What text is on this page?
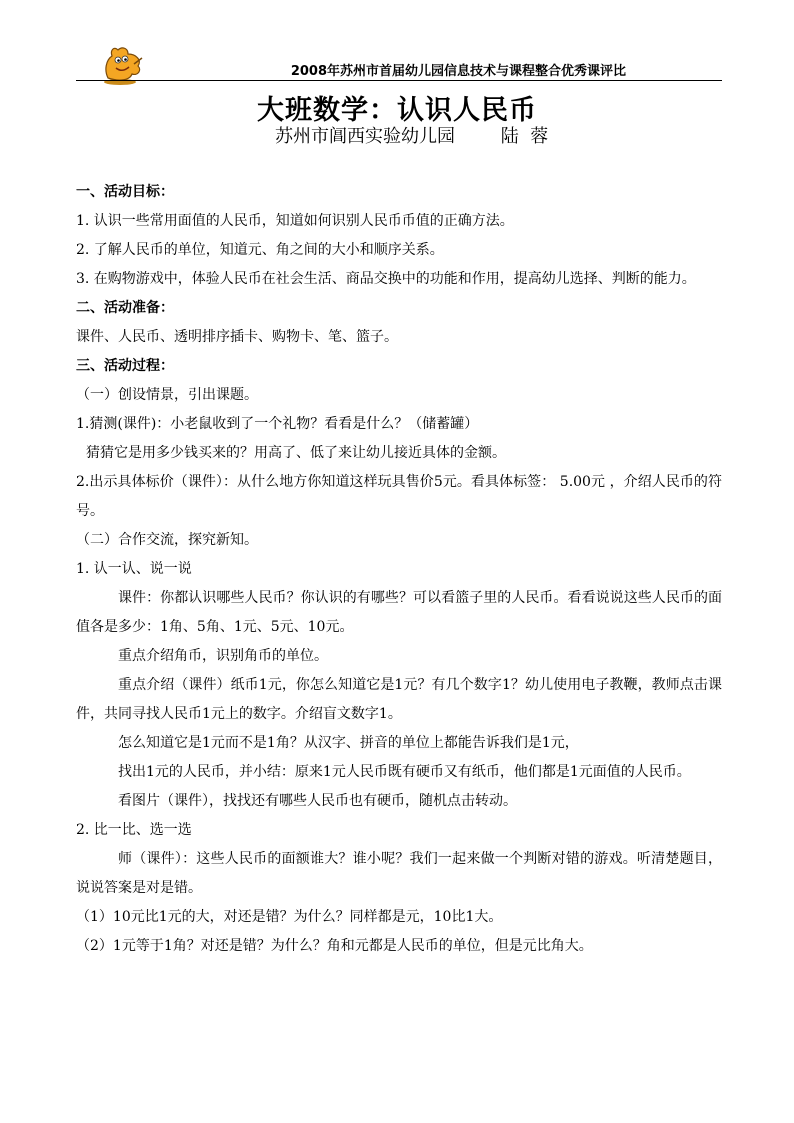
2008年苏州市首届幼儿园信息技术与课程整合优秀课评比
大班数学：认识人民币
苏州市阊西实验幼儿园        陆  蓉

一、活动目标：

1. 认识一些常用面值的人民币，知道如何识别人民币币值的正确方法。

2. 了解人民币的单位，知道元、角之间的大小和顺序关系。

3. 在购物游戏中，体验人民币在社会生活、商品交换中的功能和作用，提高幼儿选择、判断的能力。

二、活动准备：

课件、人民币、透明排序插卡、购物卡、笔、篮子。

三、活动过程：

（一）创设情景，引出课题。

1.猜测(课件)：小老鼠收到了一个礼物？看看是什么？（储蓄罐）

猜猜它是用多少钱买来的？用高了、低了来让幼儿接近具体的金额。

2.出示具体标价（课件）：从什么地方你知道这样玩具售价5元。看具体标签： 5.00元 ，介绍人民币的符号。

（二）合作交流，探究新知。

1. 认一认、说一说

课件：你都认识哪些人民币？你认识的有哪些？可以看篮子里的人民币。看看说说这些人民币的面值各是多少：1角、5角、1元、5元、10元。

重点介绍角币，识别角币的单位。

重点介绍（课件）纸币1元，你怎么知道它是1元？有几个数字1？幼儿使用电子教鞭，教师点击课件，共同寻找人民币1元上的数字。介绍盲文数字1。

怎么知道它是1元而不是1角？从汉字、拼音的单位上都能告诉我们是1元，

找出1元的人民币，并小结：原来1元人民币既有硬币又有纸币，他们都是1元面值的人民币。

看图片（课件），找找还有哪些人民币也有硬币，随机点击转动。

2. 比一比、选一选

师（课件）：这些人民币的面额谁大？谁小呢？我们一起来做一个判断对错的游戏。听清楚题目，说说答案是对是错。

（1）10元比1元的大，对还是错？为什么？同样都是元，10比1大。

（2）1元等于1角？对还是错？为什么？角和元都是人民币的单位，但是元比角大。
